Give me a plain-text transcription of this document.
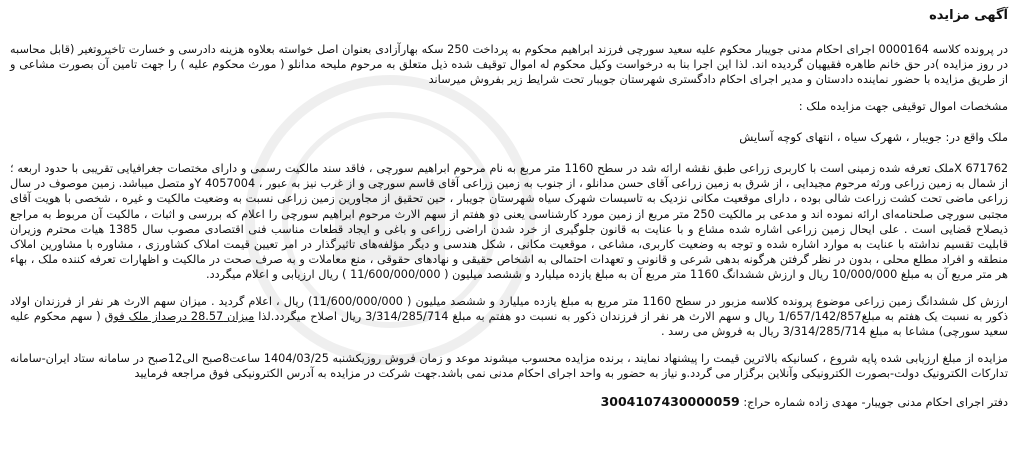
آگهی مزایده

در پرونده کلاسه 0000164 اجرای احکام مدنی جویبار محکوم علیه سعید سورچی فرزند ابراهیم محکوم به پرداخت 250 سکه بهارآزادی بعنوان اصل خواسته بعلاوه هزینه دادرسی و خسارت تاخیروتغیر (قابل محاسبه در روز مزایده )در حق خانم طاهره فقیهیان گردیده اند. لذا این اجرا بنا به درخواست وکیل محکوم له اموال توقیف شده ذیل متعلق به مرحوم ملیحه مدانلو ( مورث محکوم علیه ) را جهت تامین آن بصورت مشاعی و از طریق مزایده با حضور نماینده دادستان و مدیر اجرای احکام دادگستری شهرستان جویبار تحت شرایط زیر بفروش میرساند

مشخصات اموال توقیفی جهت مزایده ملک :
ملک واقع در: جویبار ، شهرک سیاه ، انتهای کوچه آسایش

671762 Xملک تعرفه شده زمینی است با کاربری زراعی طبق نقشه ارائه شد در سطح 1160 متر مربع به نام مرحوم ابراهیم سورچی ، فاقد سند مالکیت رسمی و دارای مختصات جغرافیایی تقریبی با حدود اربعه ؛ از شمال به زمین زراعی ورثه مرحوم مجیدایی ، از شرق به زمین زراعی آقای حسن مدانلو ، از جنوب به زمین زراعی آقای قاسم سورچی و از غرب نیز به عبور ، 4057004 Yو متصل میباشد. زمین موصوف در سال زراعی ماضی تحت کشت زراعت شالی بوده ، دارای موقعیت مکانی نزدیک به تاسیسات شهرک سیاه شهرستان جویبار ، حین تحقیق از مجاورین زمین زراعی نسبت به وضعیت مالکیت و غیره ، شخصی با هویت آقای مجتبی سورچی صلحنامه‌ای ارائه نموده اند و مدعی بر مالکیت 250 متر مربع از زمین مورد کارشناسی یعنی دو هفتم از سهم الارث مرحوم ابراهیم سورچی را اعلام که بررسی و اثبات ، مالکیت آن مربوط به مراجع ذیصلاح قضایی است . علی ایحال زمین زراعی اشاره شده مشاع و با عنایت به قانون جلوگیری از خرد شدن اراضی زراعی و باغی و ایجاد قطعات مناسب فنی اقتصادی مصوب سال 1385 هیات محترم وزیران قابلیت تقسیم نداشته با عنایت به موارد اشاره شده و توجه به وضعیت کاربری، مشاعی ، موقعیت مکانی ، شکل هندسی و دیگر مؤلفه‌های تاثیرگذار در امر تعیین قیمت املاک کشاورزی ، مشاوره با مشاورین املاک منطقه و افراد مطلع محلی ، بدون در نظر گرفتن هرگونه بدهی شرعی و قانونی و تعهدات احتمالی به اشخاص حقیقی و نهادهای حقوقی ، منع معاملات و به صرف صحت در مالکیت و اظهارات تعرفه کننده ملک ، بهاء هر متر مربع آن به مبلغ 10/000/000 ریال و ارزش ششدانگ 1160 متر مربع آن به مبلغ یازده میلیارد و ششصد میلیون ( 11/600/000/000 ) ریال ارزیابی و اعلام میگردد.

ارزش کل ششدانگ زمین زراعی موضوع پرونده کلاسه مزبور در سطح 1160 متر مربع به مبلغ یازده میلیارد و ششصد میلیون ( 11/600/000/000) ریال ، اعلام گردید . میزان سهم الارث هر نفر از فرزندان اولاد ذکور به نسبت یک هفتم به مبلغ1/657/142/857 ریال و سهم الارث هر نفر از فرزندان ذکور به نسبت دو هفتم به مبلغ 3/314/285/714 ریال اصلاح میگردد.لذا میزان 28.57 درصداز ملک فوق ( سهم محکوم علیه سعید سورچی) مشاعا به مبلغ 3/314/285/714 ریال به فروش می رسد .

مزایده از مبلغ ارزیابی شده پایه شروع ، کسانیکه بالاترین قیمت را پیشنهاد نمایند ، برنده مزایده محسوب میشوند موعد و زمان فروش روزیکشنبه 1404/03/25 ساعت8صبح الی12صبح در سامانه ستاد ایران-سامانه تدارکات الکترونیک دولت-بصورت الکترونیکی وآنلاین برگزار می گردد.و نیاز به حضور به واحد اجرای احکام مدنی نمی باشد.جهت شرکت در مزایده به آدرس الکترونیکی فوق مراجعه فرمایید

دفتر اجرای احکام مدنی جویبار- مهدی زاده شماره حراج: 3004107430000059
